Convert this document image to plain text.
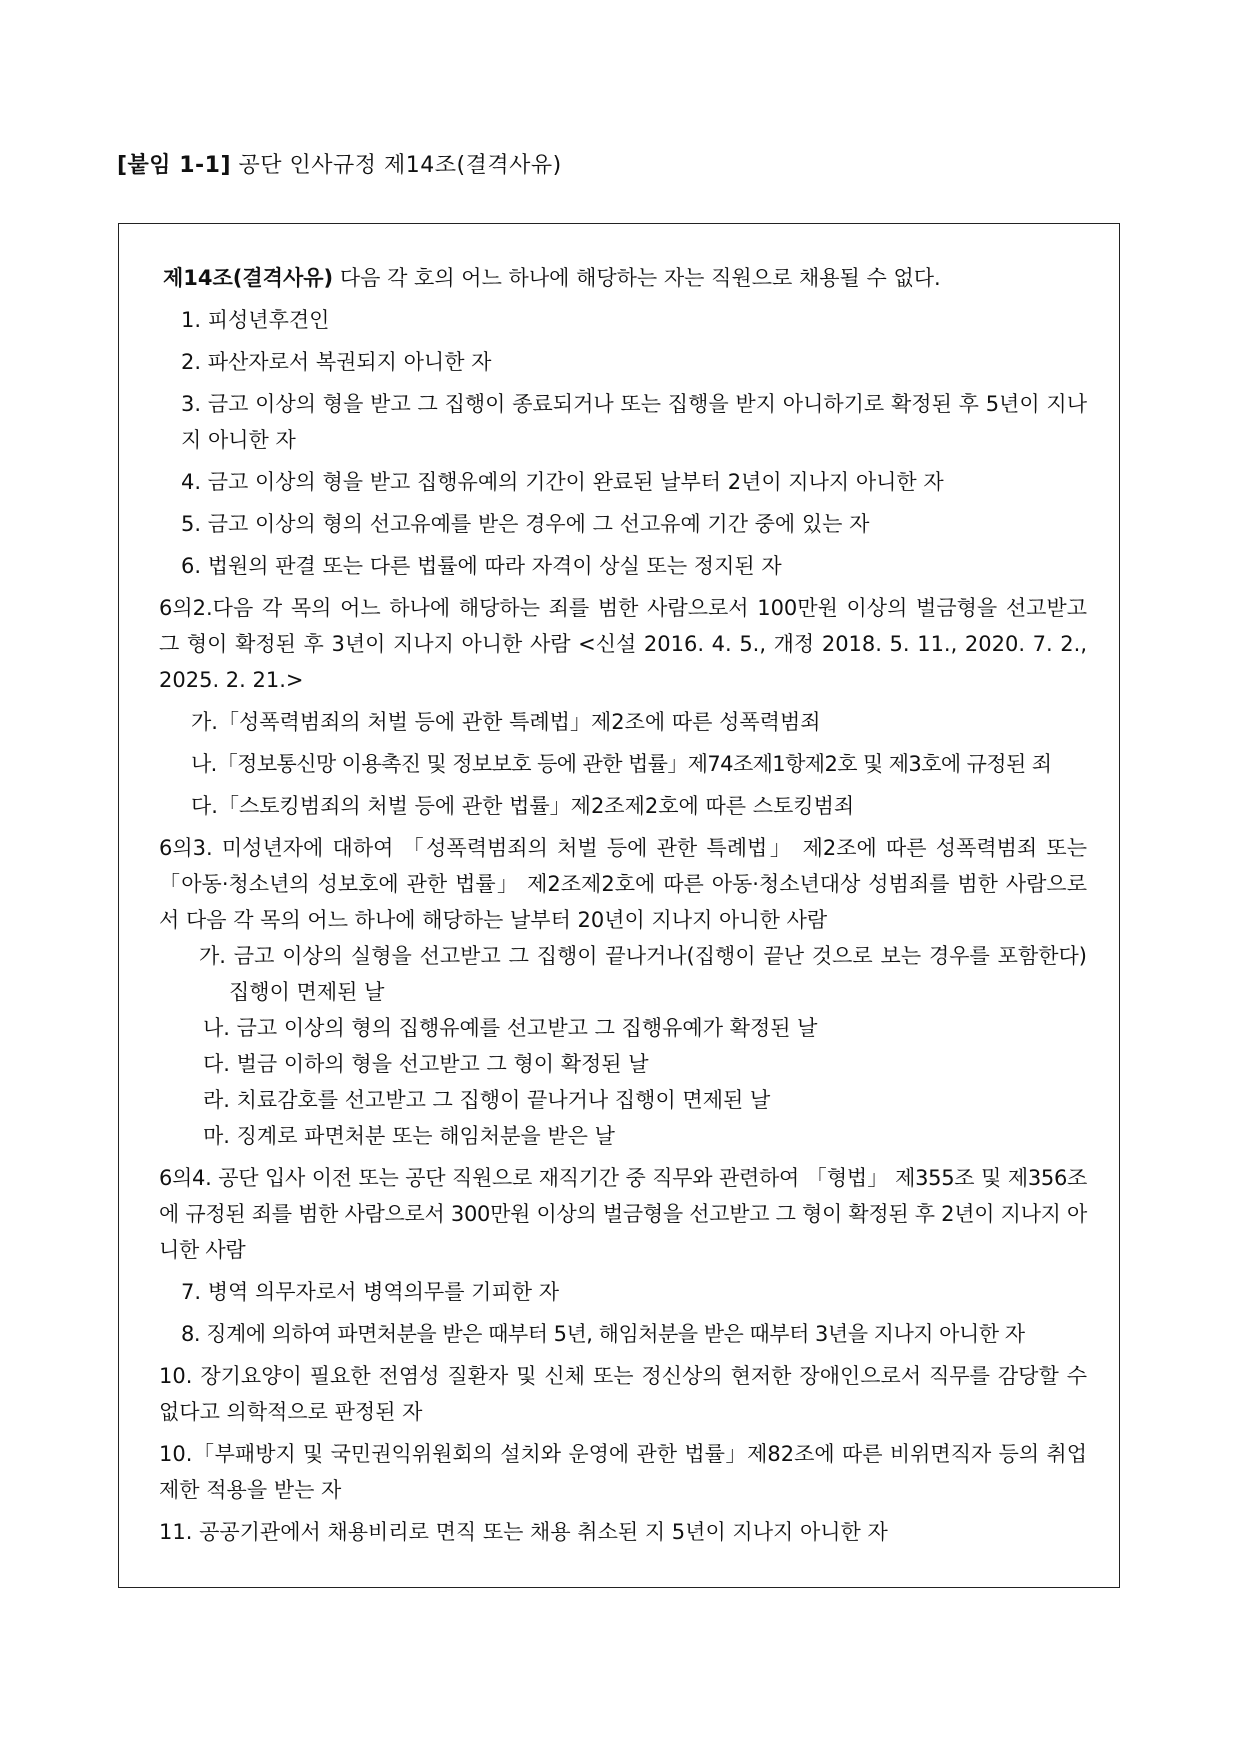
[붙임 1-1] 공단 인사규정 제14조(결격사유)

제14조(결격사유) 다음 각 호의 어느 하나에 해당하는 자는 직원으로 채용될 수 없다.

1. 피성년후견인

2. 파산자로서 복권되지 아니한 자

3. 금고 이상의 형을 받고 그 집행이 종료되거나 또는 집행을 받지 아니하기로 확정된 후 5년이 지나지 아니한 자

4. 금고 이상의 형을 받고 집행유예의 기간이 완료된 날부터 2년이 지나지 아니한 자

5. 금고 이상의 형의 선고유예를 받은 경우에 그 선고유예 기간 중에 있는 자

6. 법원의 판결 또는 다른 법률에 따라 자격이 상실 또는 정지된 자

6의2.다음 각 목의 어느 하나에 해당하는 죄를 범한 사람으로서 100만원 이상의 벌금형을 선고받고 그 형이 확정된 후 3년이 지나지 아니한 사람 <신설 2016. 4. 5., 개정 2018. 5. 11., 2020. 7. 2., 2025. 2. 21.>

가.「성폭력범죄의 처벌 등에 관한 특례법」제2조에 따른 성폭력범죄

나.「정보통신망 이용촉진 및 정보보호 등에 관한 법률」제74조제1항제2호 및 제3호에 규정된 죄

다.「스토킹범죄의 처벌 등에 관한 법률」제2조제2호에 따른 스토킹범죄

6의3. 미성년자에 대하여 「성폭력범죄의 처벌 등에 관한 특례법」 제2조에 따른 성폭력범죄 또는 「아동·청소년의 성보호에 관한 법률」 제2조제2호에 따른 아동·청소년대상 성범죄를 범한 사람으로서 다음 각 목의 어느 하나에 해당하는 날부터 20년이 지나지 아니한 사람

가. 금고 이상의 실형을 선고받고 그 집행이 끝나거나(집행이 끝난 것으로 보는 경우를 포함한다) 집행이 면제된 날

나. 금고 이상의 형의 집행유예를 선고받고 그 집행유예가 확정된 날

다. 벌금 이하의 형을 선고받고 그 형이 확정된 날

라. 치료감호를 선고받고 그 집행이 끝나거나 집행이 면제된 날

마. 징계로 파면처분 또는 해임처분을 받은 날

6의4. 공단 입사 이전 또는 공단 직원으로 재직기간 중 직무와 관련하여 「형법」 제355조 및 제356조에 규정된 죄를 범한 사람으로서 300만원 이상의 벌금형을 선고받고 그 형이 확정된 후 2년이 지나지 아니한 사람

7. 병역 의무자로서 병역의무를 기피한 자

8. 징계에 의하여 파면처분을 받은 때부터 5년, 해임처분을 받은 때부터 3년을 지나지 아니한 자

10. 장기요양이 필요한 전염성 질환자 및 신체 또는 정신상의 현저한 장애인으로서 직무를 감당할 수 없다고 의학적으로 판정된 자

10.「부패방지 및 국민권익위원회의 설치와 운영에 관한 법률」제82조에 따른 비위면직자 등의 취업제한 적용을 받는 자

11. 공공기관에서 채용비리로 면직 또는 채용 취소된 지 5년이 지나지 아니한 자
